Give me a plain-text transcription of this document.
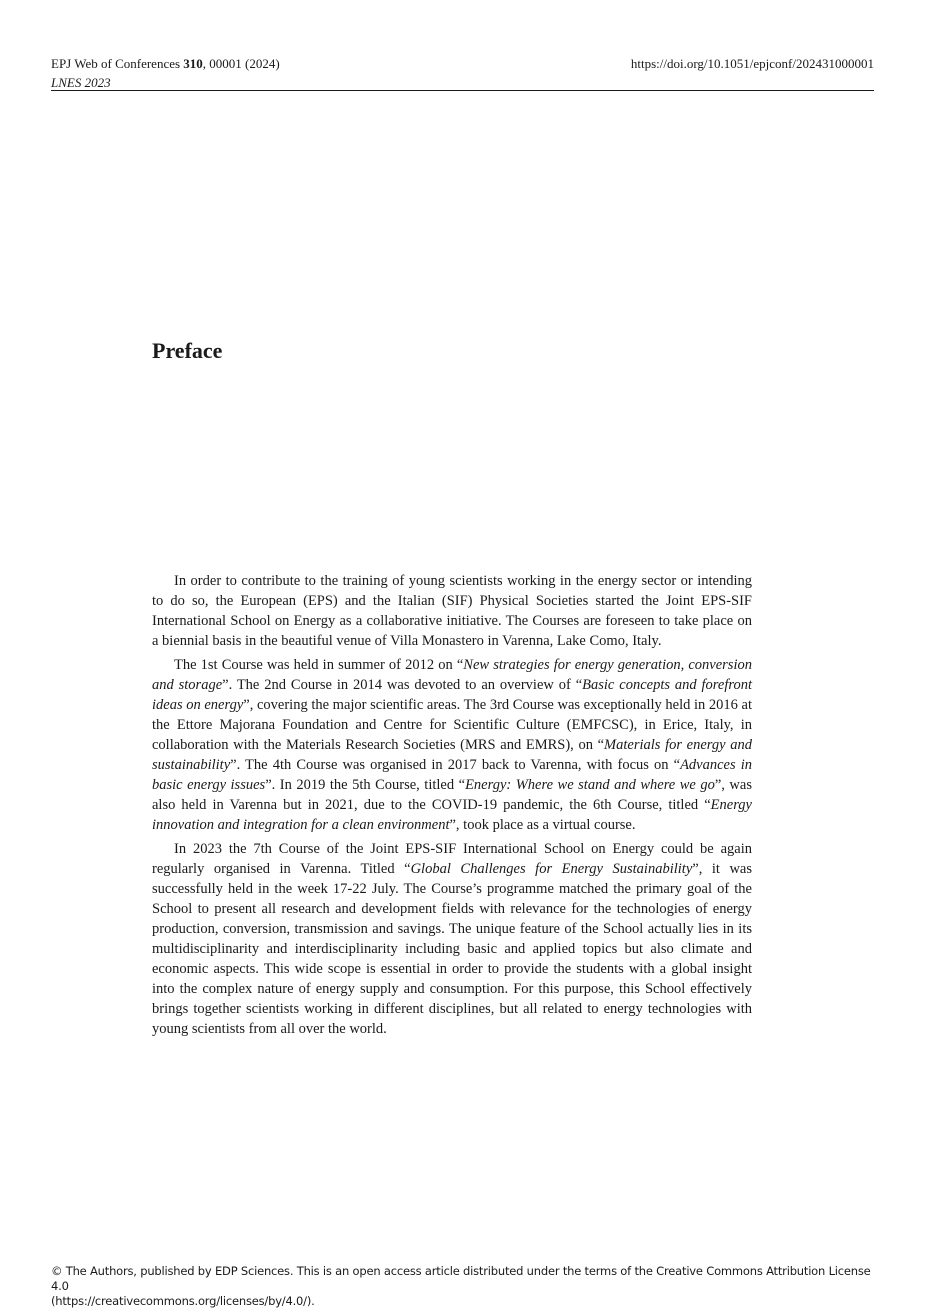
EPJ Web of Conferences 310, 00001 (2024)	https://doi.org/10.1051/epjconf/202431000001
LNES 2023
Preface

In order to contribute to the training of young scientists working in the energy sector or intending to do so, the European (EPS) and the Italian (SIF) Physical Societies started the Joint EPS-SIF International School on Energy as a collaborative initiative. The Courses are foreseen to take place on a biennial basis in the beautiful venue of Villa Monastero in Varenna, Lake Como, Italy.

The 1st Course was held in summer of 2012 on “New strategies for energy generation, conversion and storage”. The 2nd Course in 2014 was devoted to an overview of “Basic concepts and forefront ideas on energy”, covering the major scientific areas. The 3rd Course was exceptionally held in 2016 at the Ettore Majorana Foundation and Centre for Scientific Culture (EMFCSC), in Erice, Italy, in collaboration with the Materials Research Societies (MRS and EMRS), on “Materials for energy and sustainability”. The 4th Course was organised in 2017 back to Varenna, with focus on “Advances in basic energy issues”. In 2019 the 5th Course, titled “Energy: Where we stand and where we go”, was also held in Varenna but in 2021, due to the COVID-19 pandemic, the 6th Course, titled “Energy innovation and integration for a clean environment”, took place as a virtual course.

In 2023 the 7th Course of the Joint EPS-SIF International School on Energy could be again regularly organised in Varenna. Titled “Global Challenges for Energy Sustainability”, it was successfully held in the week 17-22 July. The Course’s programme matched the primary goal of the School to present all research and development fields with relevance for the technologies of energy production, conversion, transmission and savings. The unique feature of the School actually lies in its multidisciplinarity and interdisciplinarity including basic and applied topics but also climate and economic aspects. This wide scope is essential in order to provide the students with a global insight into the complex nature of energy supply and consumption. For this purpose, this School effectively brings together scientists working in different disciplines, but all related to energy technologies with young scientists from all over the world.

© The Authors, published by EDP Sciences. This is an open access article distributed under the terms of the Creative Commons Attribution License 4.0
(https://creativecommons.org/licenses/by/4.0/).
